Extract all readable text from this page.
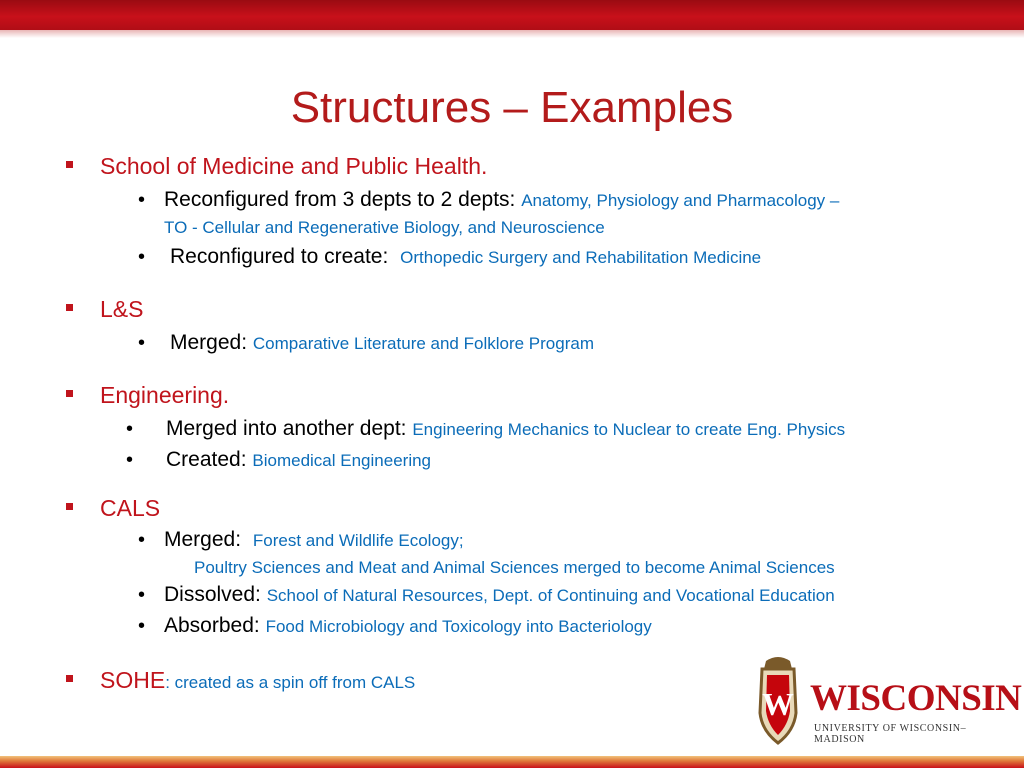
Structures – Examples
School of Medicine and Public Health.
• Reconfigured from 3 depts to 2 depts: Anatomy, Physiology and Pharmacology –
TO - Cellular and Regenerative Biology, and Neuroscience
• Reconfigured to create: Orthopedic Surgery and Rehabilitation Medicine
L&S
• Merged: Comparative Literature and Folklore Program
Engineering.
• Merged into another dept: Engineering Mechanics to Nuclear to create Eng. Physics
• Created: Biomedical Engineering
CALS
• Merged: Forest and Wildlife Ecology;
Poultry Sciences and Meat and Animal Sciences merged to become Animal Sciences
• Dissolved: School of Natural Resources, Dept. of Continuing and Vocational Education
• Absorbed: Food Microbiology and Toxicology into Bacteriology
SOHE: created as a spin off from CALS
W WISCONSIN
UNIVERSITY OF WISCONSIN–MADISON
